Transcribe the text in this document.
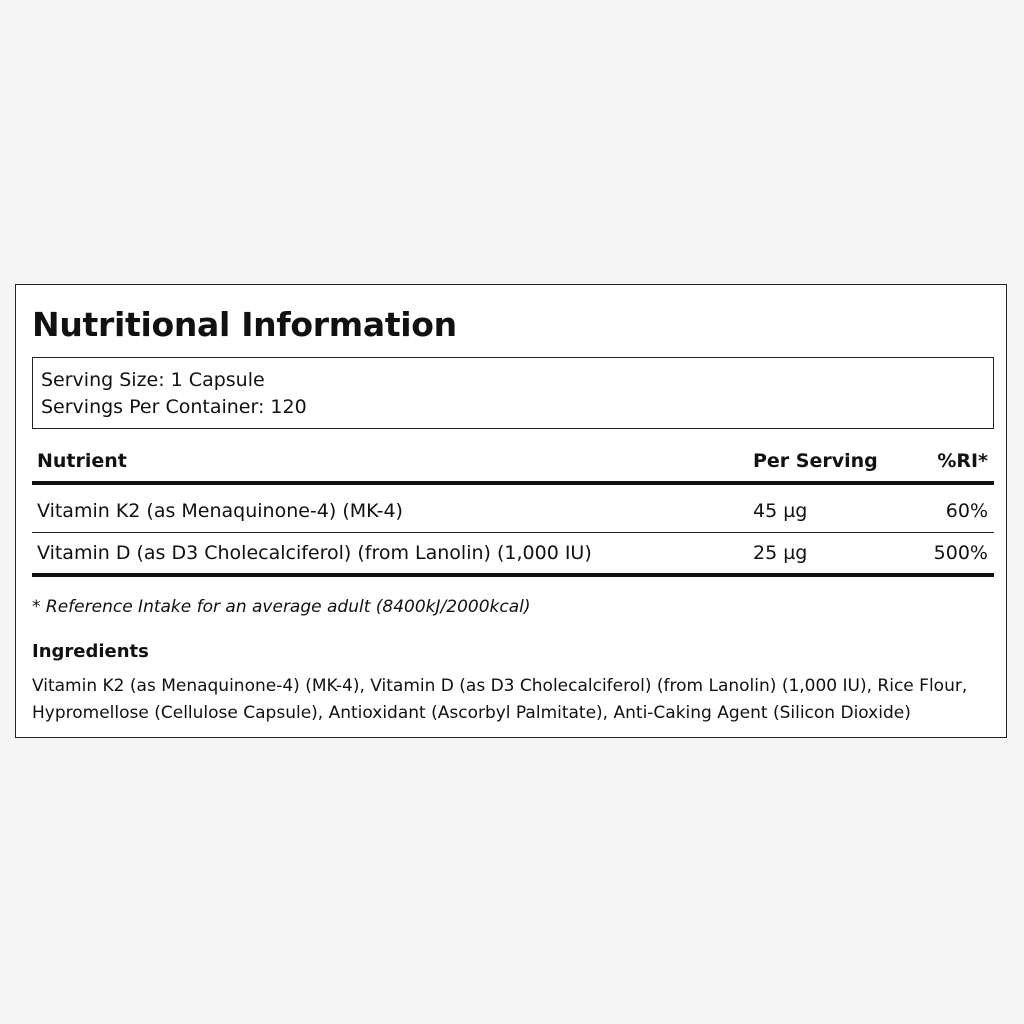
Nutritional Information
Serving Size: 1 Capsule
Servings Per Container: 120
Nutrient	Per Serving	%RI*
Vitamin K2 (as Menaquinone-4) (MK-4)	45 µg	60%
Vitamin D (as D3 Cholecalciferol) (from Lanolin) (1,000 IU)	25 µg	500%
* Reference Intake for an average adult (8400kJ/2000kcal)
Ingredients
Vitamin K2 (as Menaquinone-4) (MK-4), Vitamin D (as D3 Cholecalciferol) (from Lanolin) (1,000 IU), Rice Flour,
Hypromellose (Cellulose Capsule), Antioxidant (Ascorbyl Palmitate), Anti-Caking Agent (Silicon Dioxide)
